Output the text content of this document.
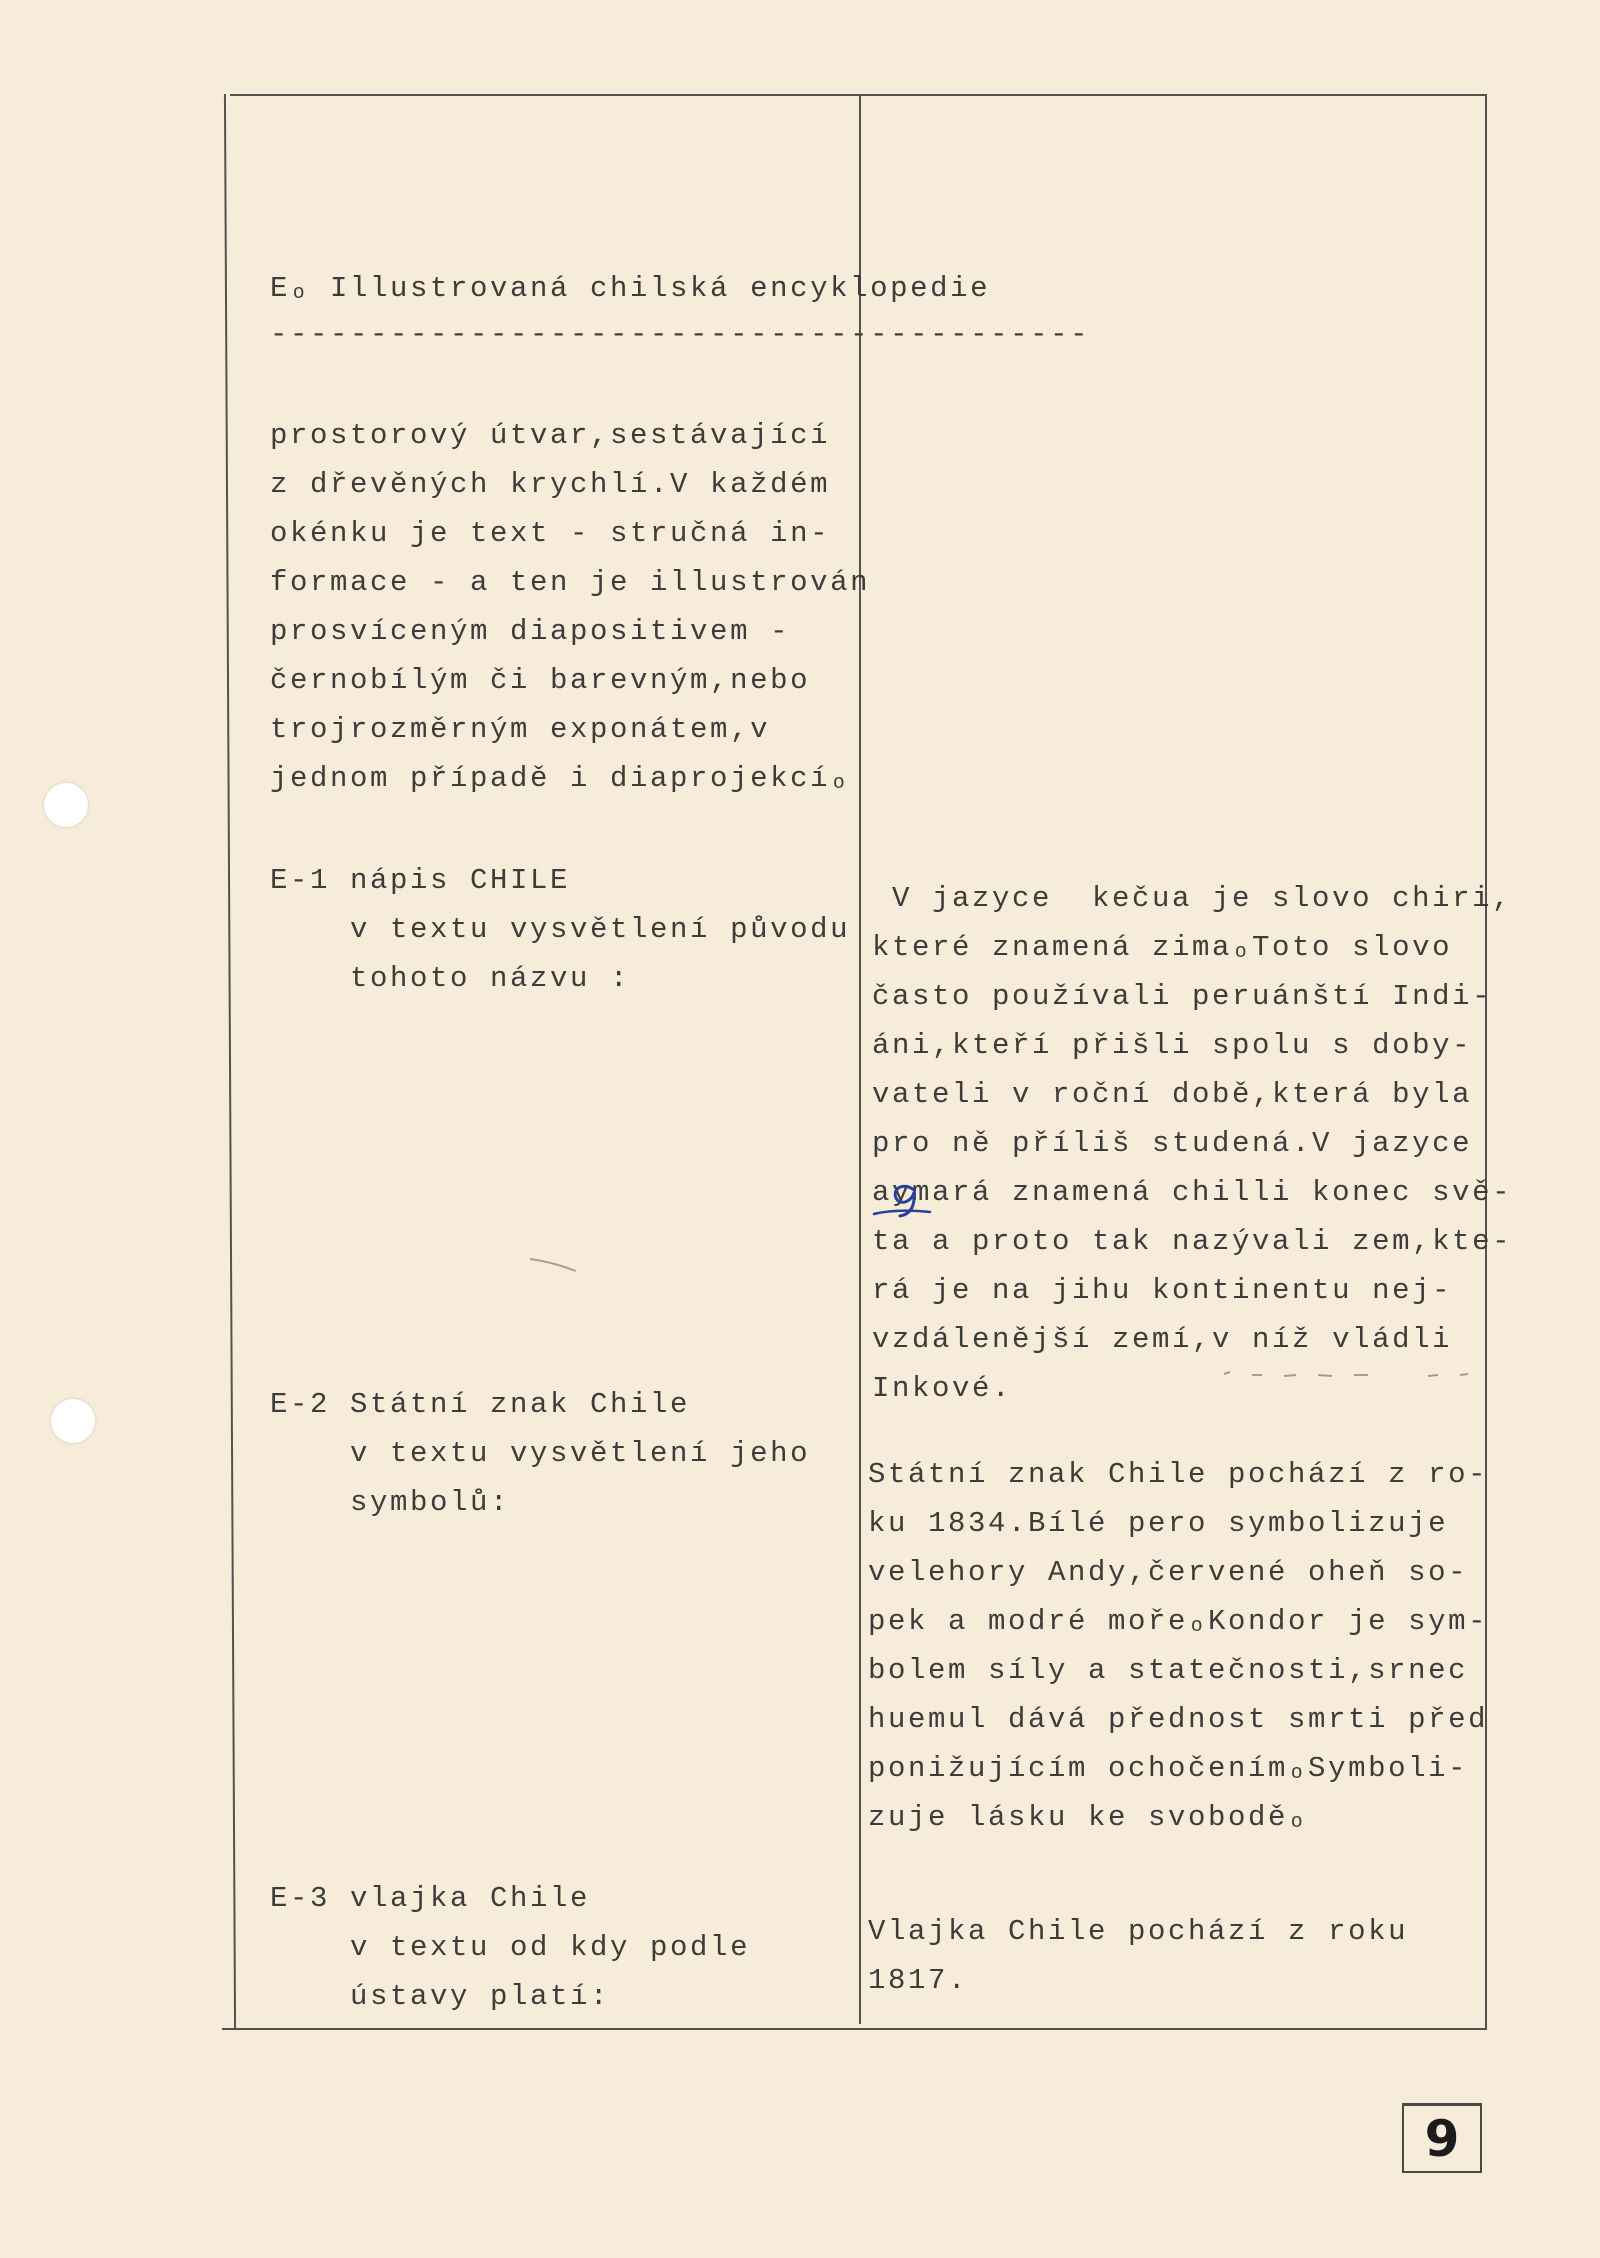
Eₒ Illustrovaná chilská encyklopedie

-----------------------------------------

prostorový útvar,sestávající

z dřevěných krychlí.V každém

okénku je text - stručná in-

formace - a ten je illustrován

prosvíceným diapositivem -

černobílým či barevným,nebo

trojrozměrným exponátem,v

jednom případě i diaprojekcíₒ

E-1 nápis CHILE

v textu vysvětlení původu

tohoto názvu :

V jazyce  kečua je slovo chiri,

které znamená zimaₒToto slovo

často používali peruánští Indi-

áni,kteří přišli spolu s doby-

vateli v roční době,která byla

pro ně příliš studená.V jazyce

aymará znamená chilli konec svě-

ta a proto tak nazývali zem,kte-

rá je na jihu kontinentu nej-

vzdálenější zemí,v níž vládli

Inkové.

E-2 Státní znak Chile

v textu vysvětlení jeho

symbolů:

Státní znak Chile pochází z ro-

ku 1834.Bílé pero symbolizuje

velehory Andy,červené oheň so-

pek a modré mořeₒKondor je sym-

bolem síly a statečnosti,srnec

huemul dává přednost smrti před

ponižujícím ochočenímₒSymboli-

zuje lásku ke svoboděₒ

E-3 vlajka Chile

v textu od kdy podle

ústavy platí:

Vlajka Chile pochází z roku

1817.

9
